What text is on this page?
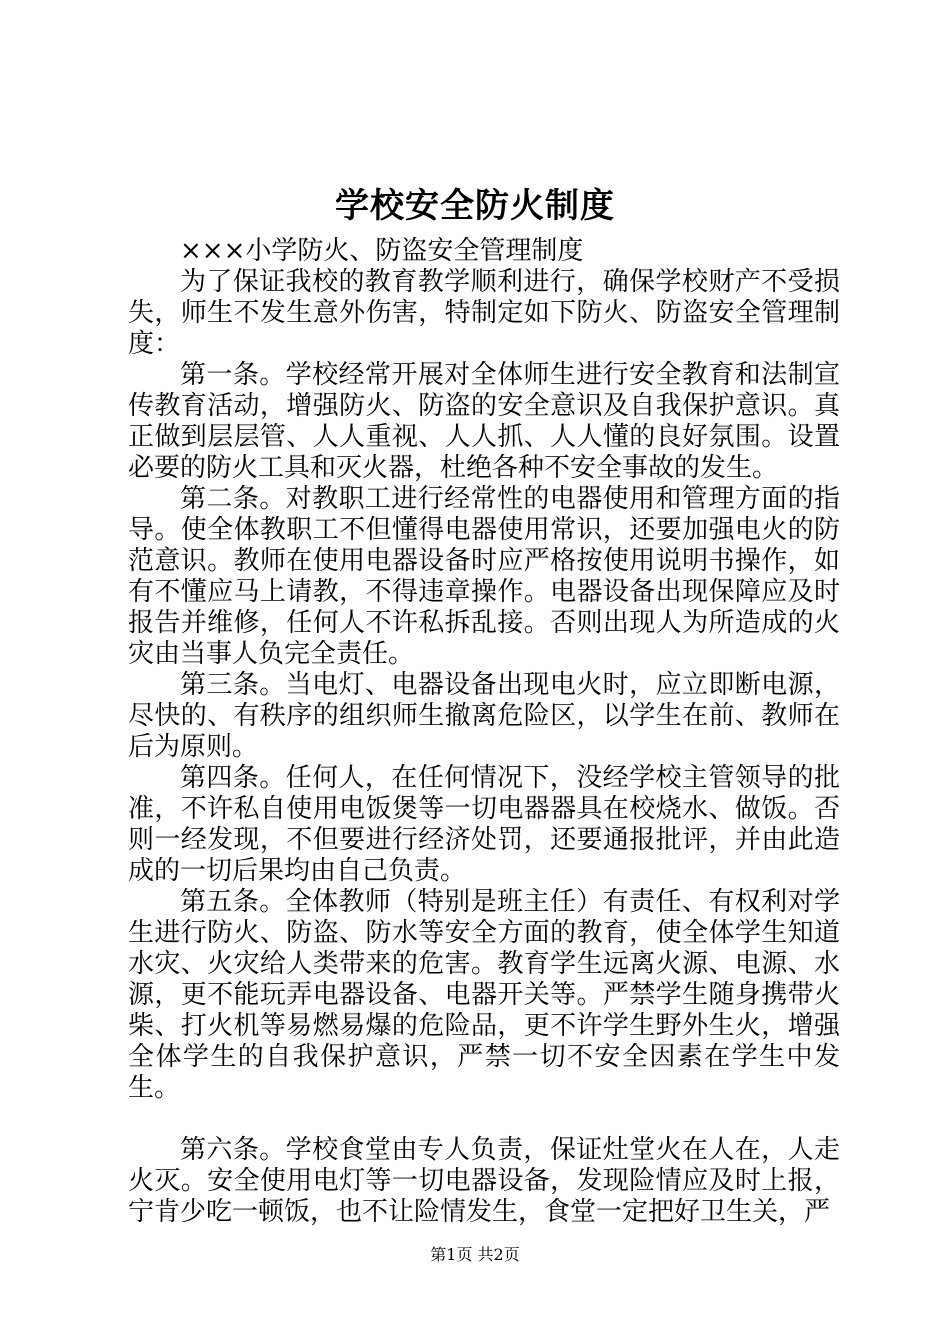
学校安全防火制度

×××小学防火、防盗安全管理制度

为了保证我校的教育教学顺利进行，确保学校财产不受损失，师生不发生意外伤害，特制定如下防火、防盗安全管理制度：

第一条。学校经常开展对全体师生进行安全教育和法制宣传教育活动，增强防火、防盗的安全意识及自我保护意识。真正做到层层管、人人重视、人人抓、人人懂的良好氛围。设置必要的防火工具和灭火器，杜绝各种不安全事故的发生。

第二条。对教职工进行经常性的电器使用和管理方面的指导。使全体教职工不但懂得电器使用常识，还要加强电火的防范意识。教师在使用电器设备时应严格按使用说明书操作，如有不懂应马上请教，不得违章操作。电器设备出现保障应及时报告并维修，任何人不许私拆乱接。否则出现人为所造成的火灾由当事人负完全责任。

第三条。当电灯、电器设备出现电火时，应立即断电源，尽快的、有秩序的组织师生撤离危险区，以学生在前、教师在后为原则。

第四条。任何人，在任何情况下，没经学校主管领导的批准，不许私自使用电饭煲等一切电器器具在校烧水、做饭。否则一经发现，不但要进行经济处罚，还要通报批评，并由此造成的一切后果均由自己负责。

第五条。全体教师（特别是班主任）有责任、有权利对学生进行防火、防盗、防水等安全方面的教育，使全体学生知道水灾、火灾给人类带来的危害。教育学生远离火源、电源、水源，更不能玩弄电器设备、电器开关等。严禁学生随身携带火柴、打火机等易燃易爆的危险品，更不许学生野外生火，增强全体学生的自我保护意识，严禁一切不安全因素在学生中发生。

第六条。学校食堂由专人负责，保证灶堂火在人在，人走火灭。安全使用电灯等一切电器设备，发现险情应及时上报，宁肯少吃一顿饭，也不让险情发生，食堂一定把好卫生关，严

第1页 共2页
